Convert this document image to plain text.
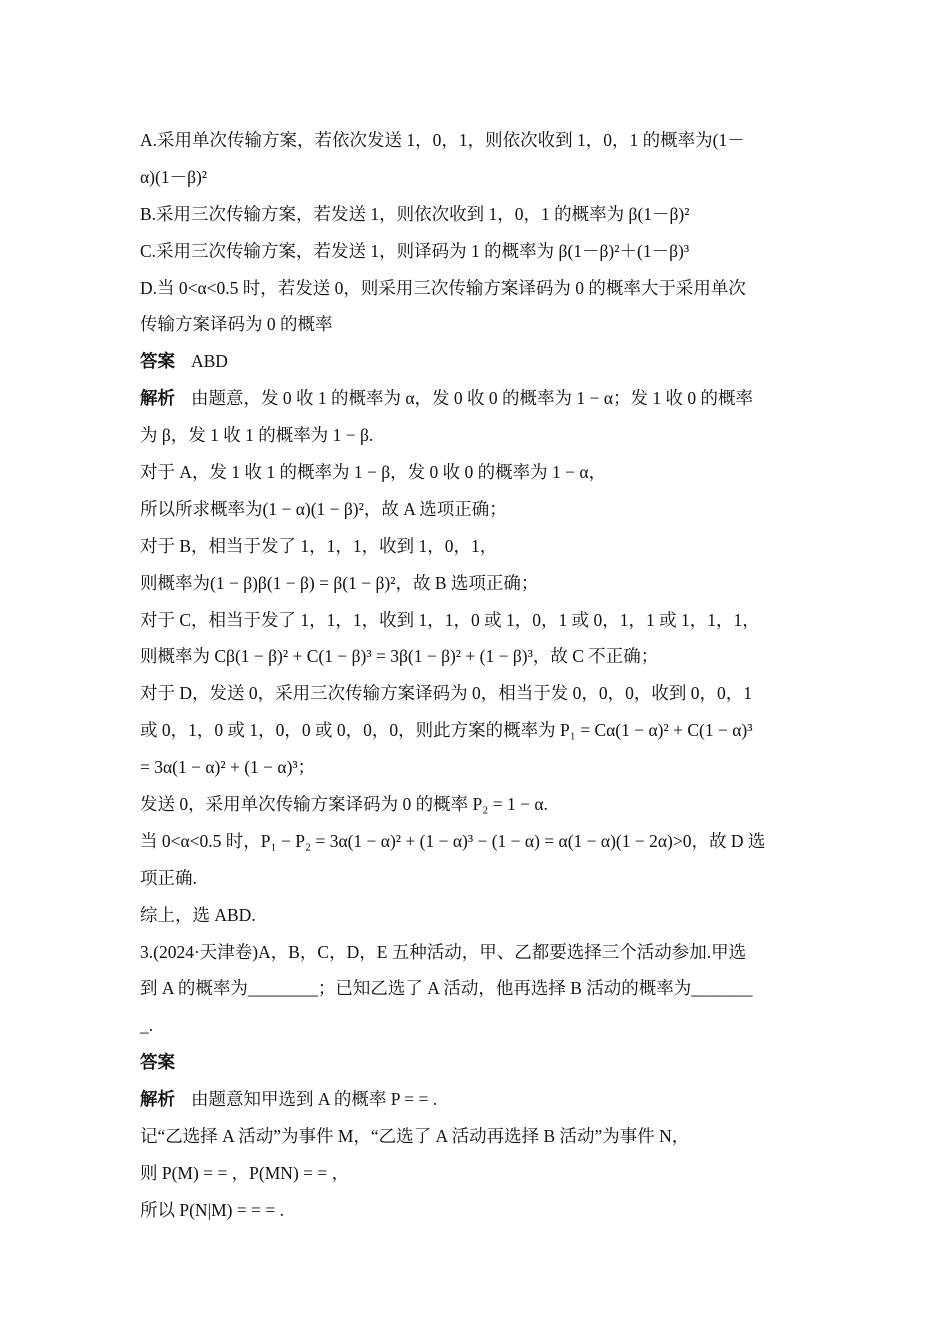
A.采用单次传输方案，若依次发送 1，0，1，则依次收到 1，0，1 的概率为(1－
α)(1－β)²
B.采用三次传输方案，若发送 1，则依次收到 1，0，1 的概率为 β(1－β)²
C.采用三次传输方案，若发送 1，则译码为 1 的概率为 β(1－β)²＋(1－β)³
D.当 0<α<0.5 时，若发送 0，则采用三次传输方案译码为 0 的概率大于采用单次
传输方案译码为 0 的概率
答案 ABD
解析 由题意，发 0 收 1 的概率为 α，发 0 收 0 的概率为 1 − α；发 1 收 0 的概率
为 β，发 1 收 1 的概率为 1 − β.
对于 A，发 1 收 1 的概率为 1 − β，发 0 收 0 的概率为 1 − α，
所以所求概率为(1 − α)(1 − β)²，故 A 选项正确；
对于 B，相当于发了 1，1，1，收到 1，0，1，
则概率为(1 − β)β(1 − β) = β(1 − β)²，故 B 选项正确；
对于 C，相当于发了 1，1，1，收到 1，1，0 或 1，0，1 或 0，1，1 或 1，1，1，
则概率为 Cβ(1 − β)² + C(1 − β)³ = 3β(1 − β)² + (1 − β)³，故 C 不正确；
对于 D，发送 0，采用三次传输方案译码为 0，相当于发 0，0，0，收到 0，0，1
或 0，1，0 或 1，0，0 或 0，0，0，则此方案的概率为 P₁ = Cα(1 − α)² + C(1 − α)³
= 3α(1 − α)² + (1 − α)³；
发送 0，采用单次传输方案译码为 0 的概率 P₂ = 1 − α.
当 0<α<0.5 时，P₁ − P₂ = 3α(1 − α)² + (1 − α)³ − (1 − α) = α(1 − α)(1 − 2α)>0，故 D 选
项正确.
综上，选 ABD.
3.(2024·天津卷)A，B，C，D，E 五种活动，甲、乙都要选择三个活动参加.甲选
到 A 的概率为________；已知乙选了 A 活动，他再选择 B 活动的概率为_______
_.
答案
解析 由题意知甲选到 A 的概率 P = = .
记“乙选择 A 活动”为事件 M，“乙选了 A 活动再选择 B 活动”为事件 N，
则 P(M) = = ，P(MN) = = ，
所以 P(N|M) = = = .
